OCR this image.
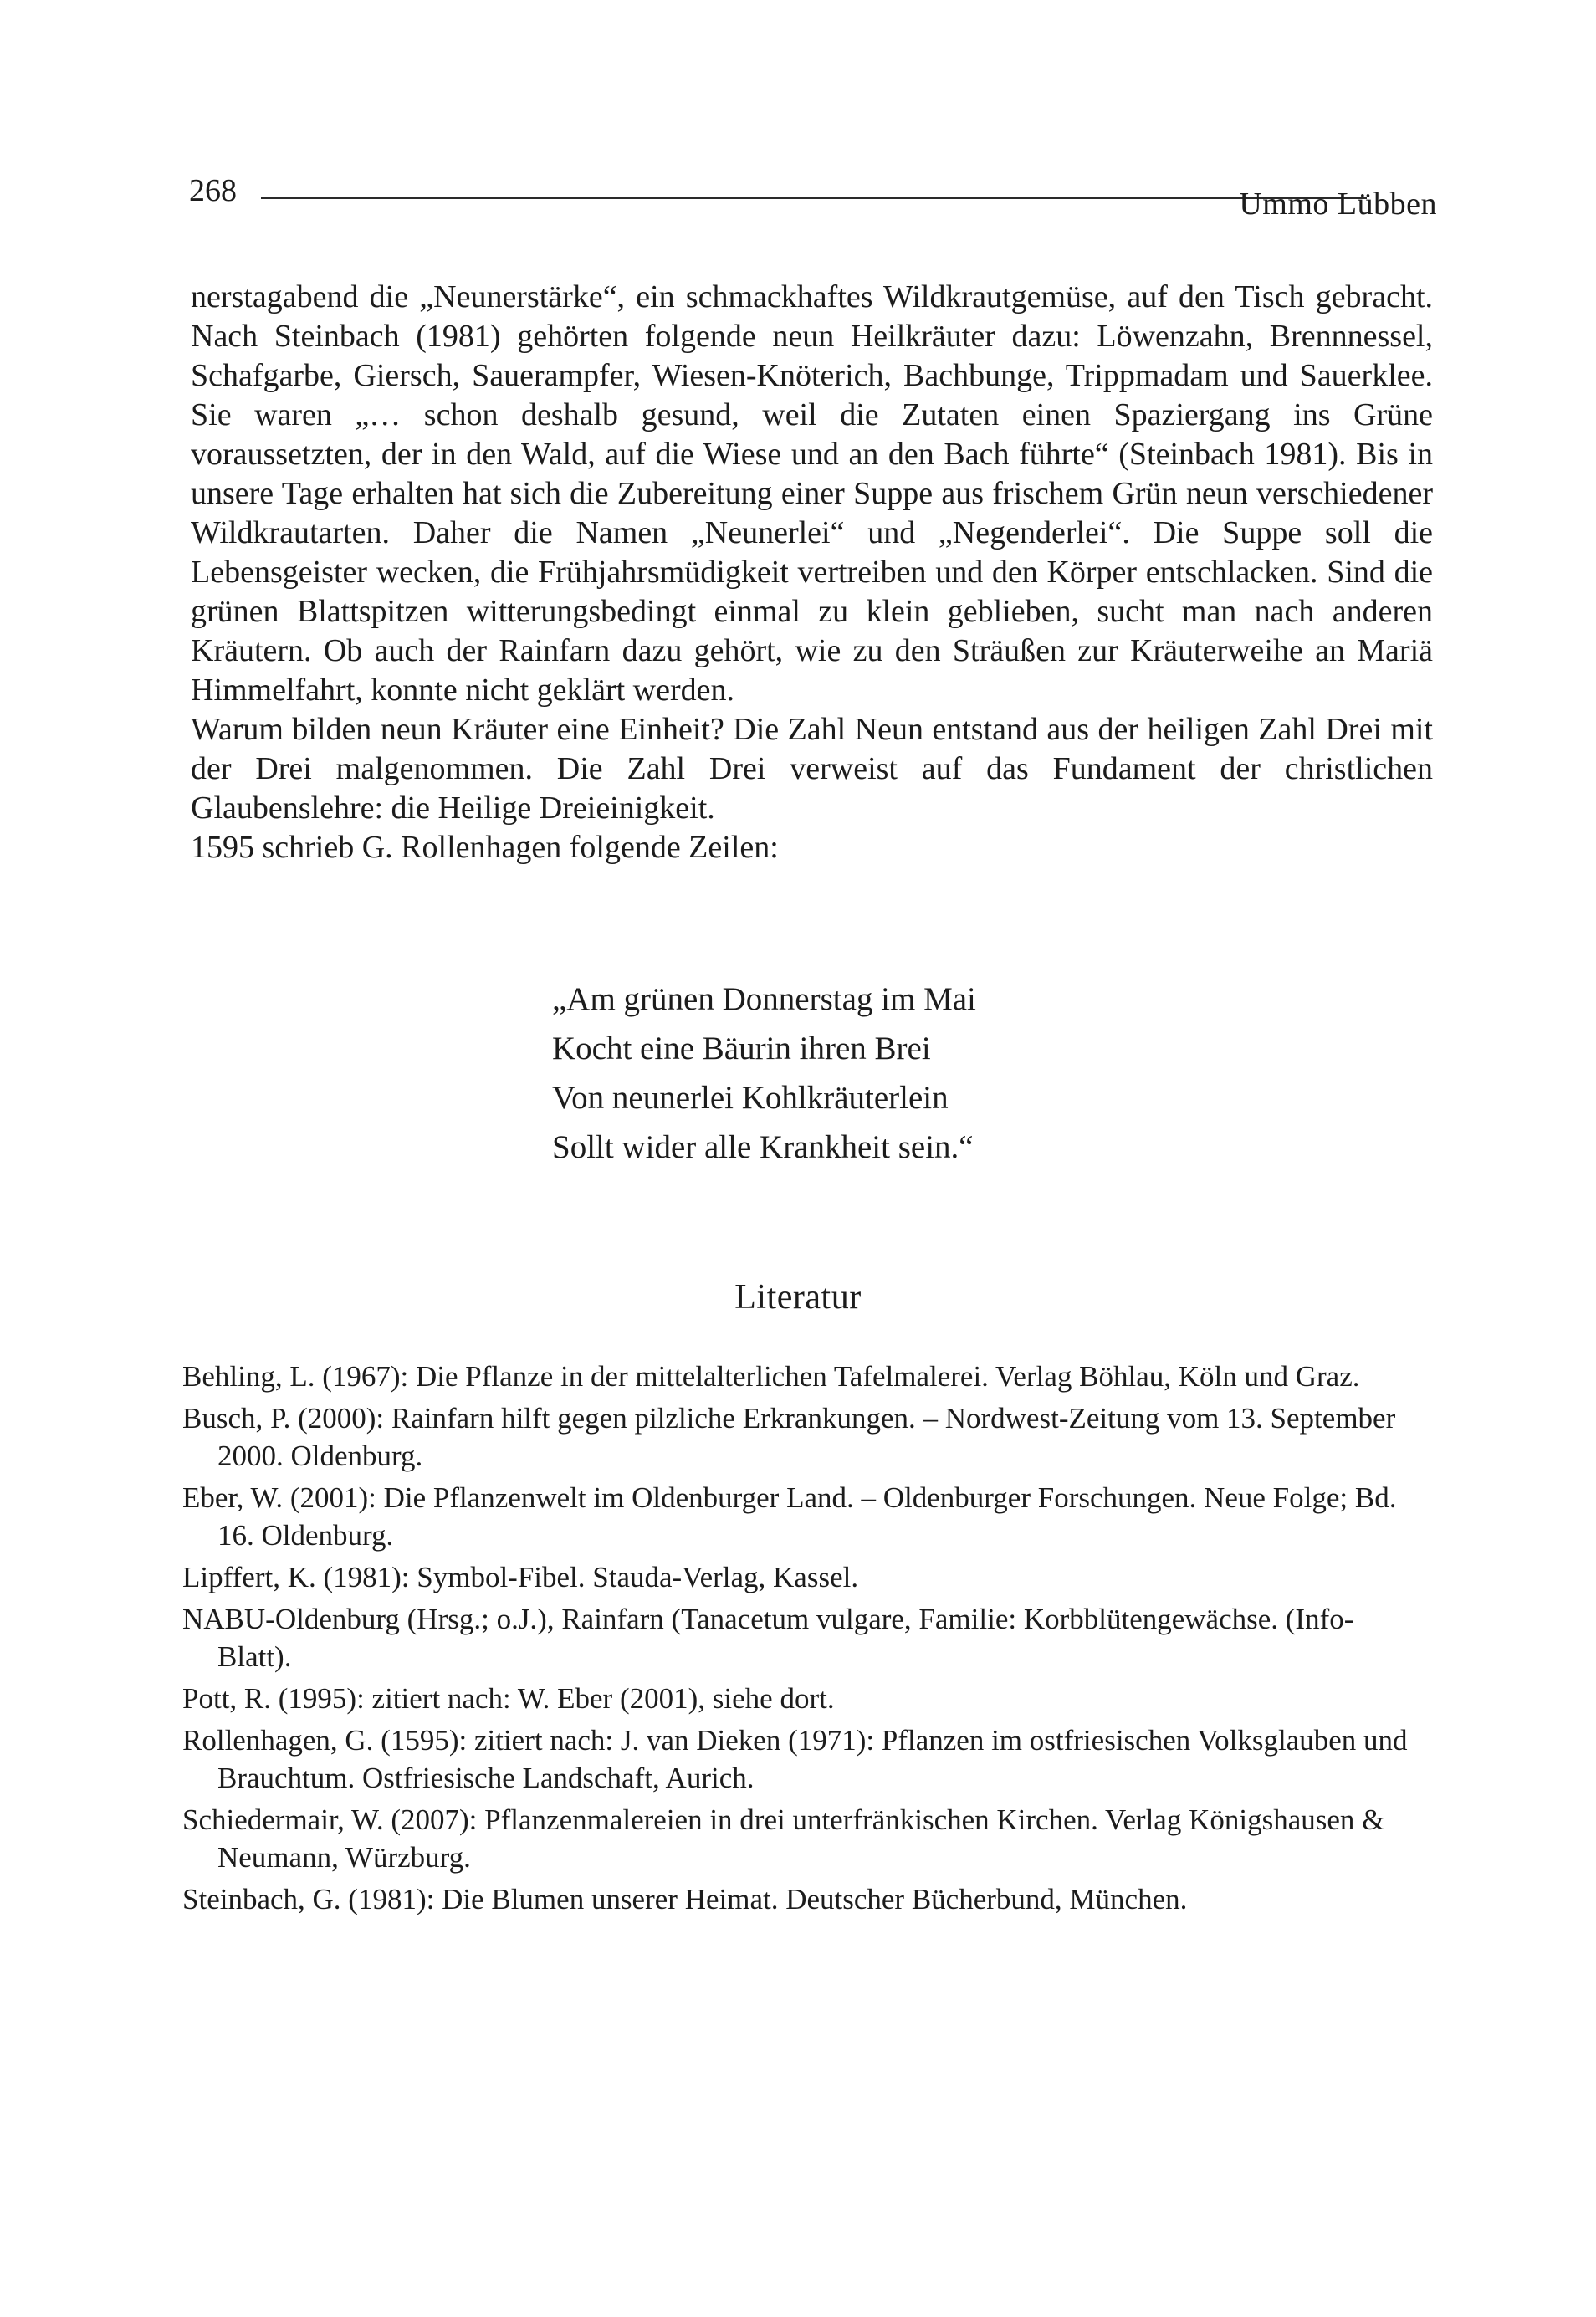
268	Ummo Lübben

nerstagabend die „Neunerstärke“, ein schmackhaftes Wildkrautgemüse, auf den Tisch gebracht. Nach Steinbach (1981) gehörten folgende neun Heilkräuter dazu: Löwenzahn, Brennnessel, Schafgarbe, Giersch, Sauerampfer, Wiesen-Knöterich, Bachbunge, Trippmadam und Sauerklee. Sie waren „… schon deshalb gesund, weil die Zutaten einen Spaziergang ins Grüne voraussetzten, der in den Wald, auf die Wiese und an den Bach führte“ (Steinbach 1981). Bis in unsere Tage erhalten hat sich die Zubereitung einer Suppe aus frischem Grün neun verschiedener Wildkrautarten. Daher die Namen „Neunerlei“ und „Negenderlei“. Die Suppe soll die Lebensgeister wecken, die Frühjahrsmüdigkeit vertreiben und den Körper entschlacken. Sind die grünen Blattspitzen witterungsbedingt einmal zu klein geblieben, sucht man nach anderen Kräutern. Ob auch der Rainfarn dazu gehört, wie zu den Sträußen zur Kräuterweihe an Mariä Himmelfahrt, konnte nicht geklärt werden.

Warum bilden neun Kräuter eine Einheit? Die Zahl Neun entstand aus der heiligen Zahl Drei mit der Drei malgenommen. Die Zahl Drei verweist auf das Fundament der christlichen Glaubenslehre: die Heilige Dreieinigkeit.

1595 schrieb G. Rollenhagen folgende Zeilen:

„Am grünen Donnerstag im Mai
Kocht eine Bäurin ihren Brei
Von neunerlei Kohlkräuterlein
Sollt wider alle Krankheit sein.“
Literatur

Behling, L. (1967): Die Pflanze in der mittelalterlichen Tafelmalerei. Verlag Böhlau, Köln und Graz.

Busch, P. (2000): Rainfarn hilft gegen pilzliche Erkrankungen. – Nordwest-Zeitung vom 13. September 2000. Oldenburg.

Eber, W. (2001): Die Pflanzenwelt im Oldenburger Land. – Oldenburger Forschungen. Neue Folge; Bd. 16. Oldenburg.

Lipffert, K. (1981): Symbol-Fibel. Stauda-Verlag, Kassel.

NABU-Oldenburg (Hrsg.; o.J.), Rainfarn (Tanacetum vulgare, Familie: Korbblütengewächse. (Info-Blatt).

Pott, R. (1995): zitiert nach: W. Eber (2001), siehe dort.

Rollenhagen, G. (1595): zitiert nach: J. van Dieken (1971): Pflanzen im ostfriesischen Volksglauben und Brauchtum. Ostfriesische Landschaft, Aurich.

Schiedermair, W. (2007): Pflanzenmalereien in drei unterfränkischen Kirchen. Verlag Königshausen & Neumann, Würzburg.

Steinbach, G. (1981): Die Blumen unserer Heimat. Deutscher Bücherbund, München.
